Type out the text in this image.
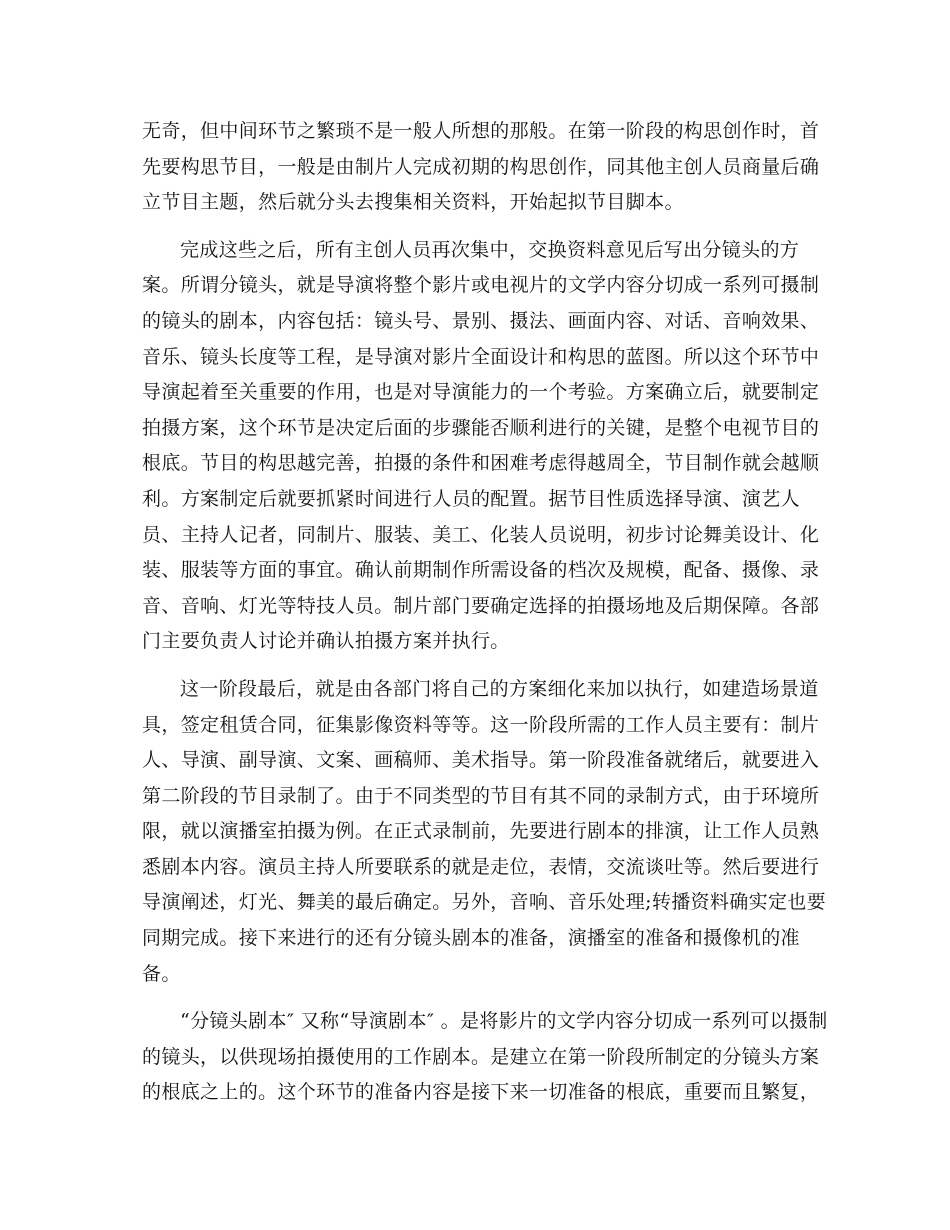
无奇，但中间环节之繁琐不是一般人所想的那般。在第一阶段的构思创作时，首
先要构思节目，一般是由制片人完成初期的构思创作，同其他主创人员商量后确
立节目主题，然后就分头去搜集相关资料，开始起拟节目脚本。
完成这些之后，所有主创人员再次集中，交换资料意见后写出分镜头的方
案。所谓分镜头，就是导演将整个影片或电视片的文学内容分切成一系列可摄制
的镜头的剧本，内容包括：镜头号、景别、摄法、画面内容、对话、音响效果、
音乐、镜头长度等工程，是导演对影片全面设计和构思的蓝图。所以这个环节中
导演起着至关重要的作用，也是对导演能力的一个考验。方案确立后，就要制定
拍摄方案，这个环节是决定后面的步骤能否顺利进行的关键，是整个电视节目的
根底。节目的构思越完善，拍摄的条件和困难考虑得越周全，节目制作就会越顺
利。方案制定后就要抓紧时间进行人员的配置。据节目性质选择导演、演艺人
员、主持人记者，同制片、服装、美工、化装人员说明，初步讨论舞美设计、化
装、服装等方面的事宜。确认前期制作所需设备的档次及规模，配备、摄像、录
音、音响、灯光等特技人员。制片部门要确定选择的拍摄场地及后期保障。各部
门主要负责人讨论并确认拍摄方案并执行。
这一阶段最后，就是由各部门将自己的方案细化来加以执行，如建造场景道
具，签定租赁合同，征集影像资料等等。这一阶段所需的工作人员主要有：制片
人、导演、副导演、文案、画稿师、美术指导。第一阶段准备就绪后，就要进入
第二阶段的节目录制了。由于不同类型的节目有其不同的录制方式，由于环境所
限，就以演播室拍摄为例。在正式录制前，先要进行剧本的排演，让工作人员熟
悉剧本内容。演员主持人所要联系的就是走位，表情，交流谈吐等。然后要进行
导演阐述，灯光、舞美的最后确定。另外，音响、音乐处理;转播资料确实定也要
同期完成。接下来进行的还有分镜头剧本的准备，演播室的准备和摄像机的准
备。
“分镜头剧本″ 又称“导演剧本″ 。是将影片的文学内容分切成一系列可以摄制
的镜头，以供现场拍摄使用的工作剧本。是建立在第一阶段所制定的分镜头方案
的根底之上的。这个环节的准备内容是接下来一切准备的根底，重要而且繁复，
